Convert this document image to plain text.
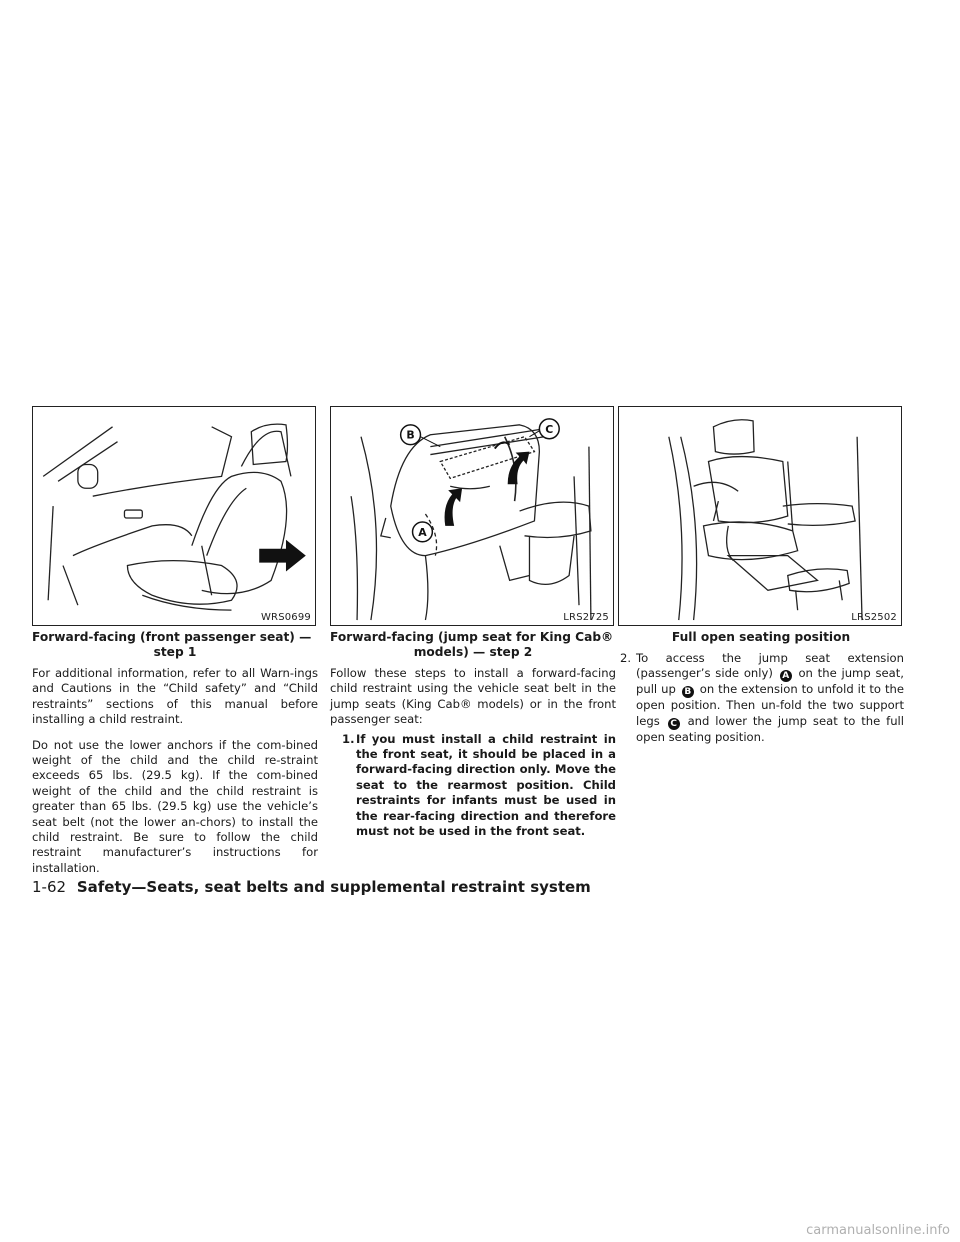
WRS0699
Forward-facing (front passenger seat) —
step 1

For additional information, refer to all Warn-ings and Cautions in the “Child safety” and “Child restraints” sections of this manual before installing a child restraint.

Do not use the lower anchors if the com-bined weight of the child and the child re-straint exceeds 65 lbs. (29.5 kg). If the com-bined weight of the child and the child restraint is greater than 65 lbs. (29.5 kg) use the vehicle’s seat belt (not the lower an-chors) to install the child restraint. Be sure to follow the child restraint manufacturer’s instructions for installation.

B	C
A
LRS2725
Forward-facing (jump seat for King Cab®
models) — step 2

Follow these steps to install a forward-facing child restraint using the vehicle seat belt in the jump seats (King Cab® models) or in the front passenger seat:

1. If you must install a child restraint in the front seat, it should be placed in a forward-facing direction only. Move the seat to the rearmost position. Child restraints for infants must be used in the rear-facing direction and therefore must not be used in the front seat.
LRS2502
Full open seating position
2. To access the jump seat extension (passenger’s side only) A on the jump seat, pull up B on the extension to unfold it to the open position. Then un-fold the two support legs C and lower the jump seat to the full open seating position.
1-62 Safety—Seats, seat belts and supplemental restraint system
carmanualsonline.info
